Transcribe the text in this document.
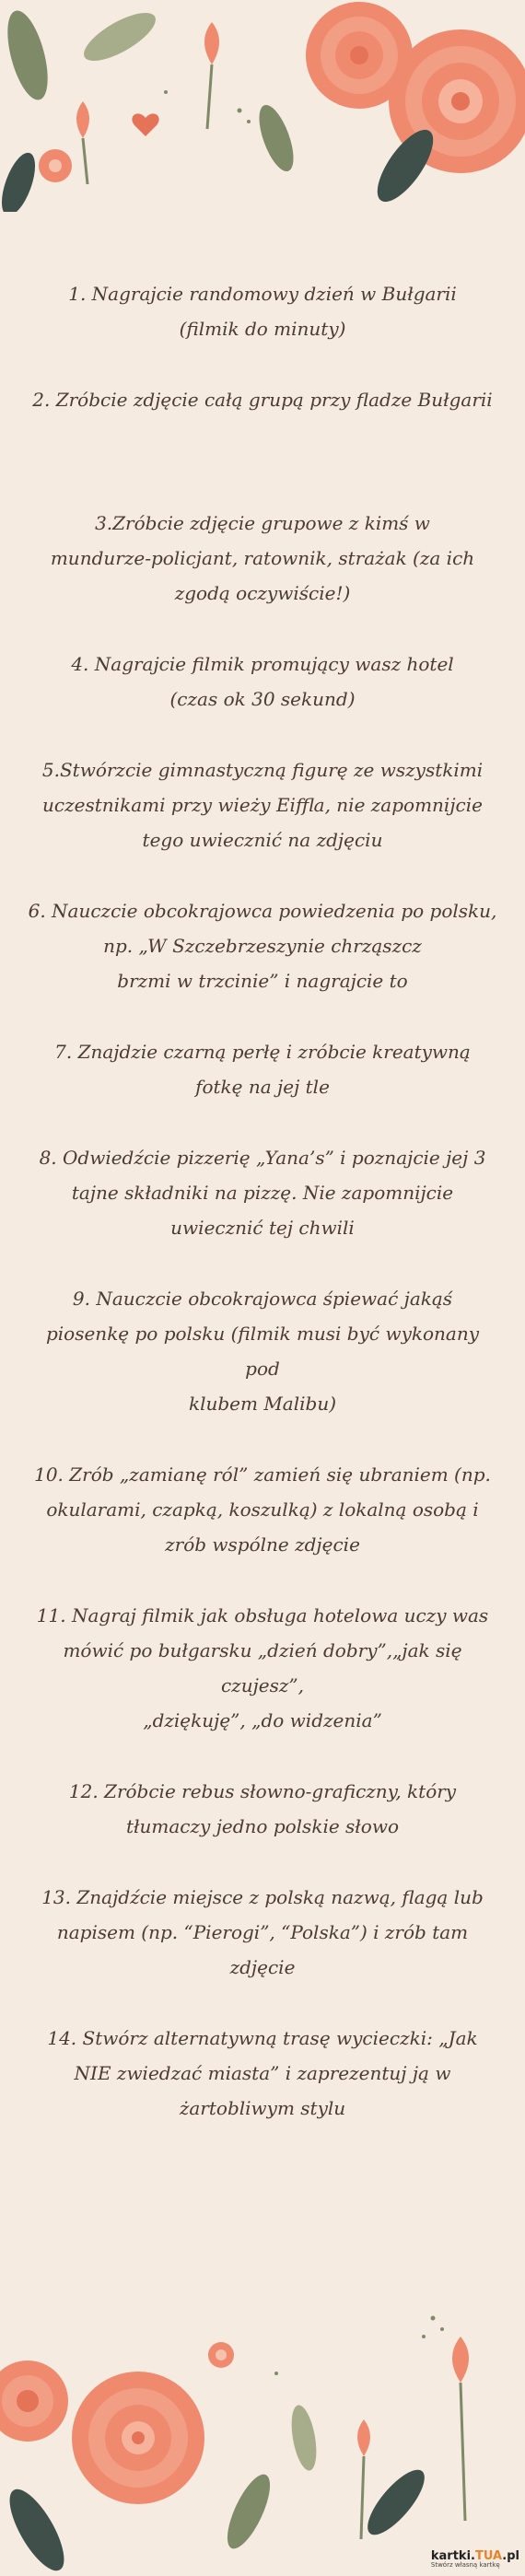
1. Nagrajcie randomowy dzień w Bułgarii
(filmik do minuty)

2. Zróbcie zdjęcie całą grupą przy fladze Bułgarii

3.Zróbcie zdjęcie grupowe z kimś w
mundurze-policjant, ratownik, strażak (za ich
zgodą oczywiście!)

4. Nagrajcie filmik promujący wasz hotel
(czas ok 30 sekund)

5.Stwórzcie gimnastyczną figurę ze wszystkimi
uczestnikami przy wieży Eiffla, nie zapomnijcie
tego uwiecznić na zdjęciu

6. Nauczcie obcokrajowca powiedzenia po polsku,
np. „W Szczebrzeszynie chrząszcz
brzmi w trzcinie” i nagrajcie to

7. Znajdzie czarną perłę i zróbcie kreatywną
fotkę na jej tle

8. Odwiedźcie pizzerię „Yana’s” i poznajcie jej 3
tajne składniki na pizzę. Nie zapomnijcie
uwiecznić tej chwili

9. Nauczcie obcokrajowca śpiewać jakąś
piosenkę po polsku (filmik musi być wykonany pod
klubem Malibu)

10. Zrób „zamianę ról” zamień się ubraniem (np.
okularami, czapką, koszulką) z lokalną osobą i
zrób wspólne zdjęcie

11. Nagraj filmik jak obsługa hotelowa uczy was
mówić po bułgarsku „dzień dobry”,„jak się czujesz”,
„dziękuję”, „do widzenia”

12. Zróbcie rebus słowno-graficzny, który
tłumaczy jedno polskie słowo

13. Znajdźcie miejsce z polską nazwą, flagą lub
napisem (np. “Pierogi”, “Polska”) i zrób tam
zdjęcie

14. Stwórz alternatywną trasę wycieczki: „Jak
NIE zwiedzać miasta” i zaprezentuj ją w
żartobliwym stylu

kartki.TUA.pl
Stwórz własną kartkę
